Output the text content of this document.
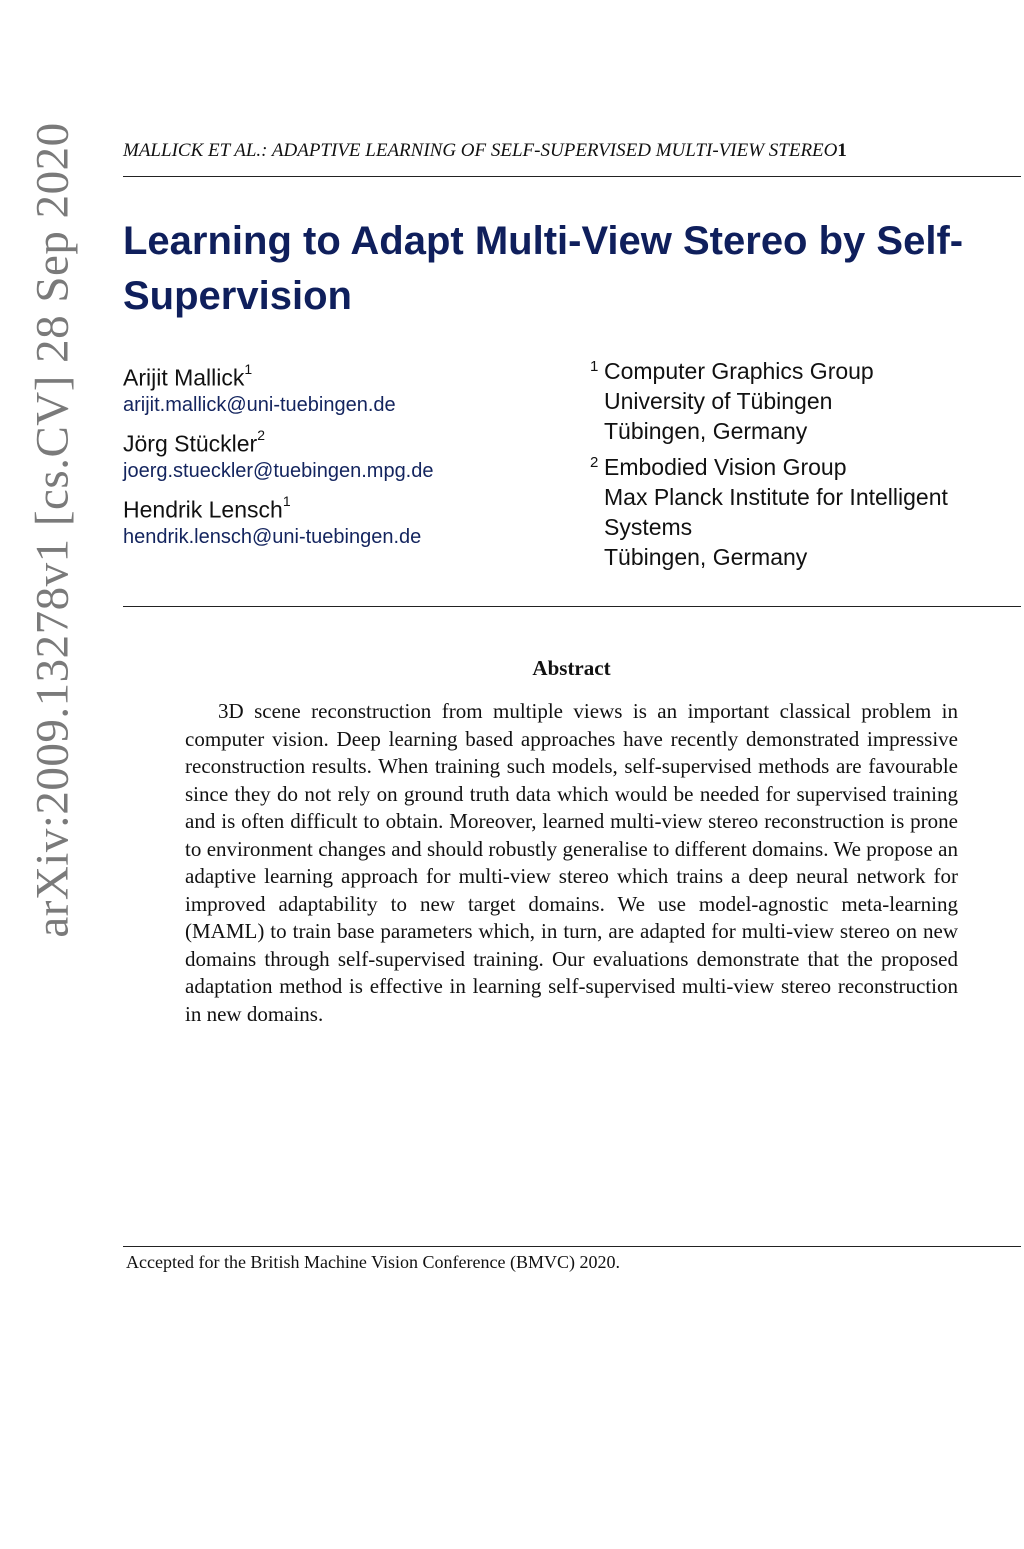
arXiv:2009.13278v1 [cs.CV] 28 Sep 2020 MALLICK ET AL.: ADAPTIVE LEARNING OF SELF-SUPERVISED MULTI-VIEW STEREO1
Learning to Adapt Multi-View Stereo by Self-Supervision
Arijit Mallick$^1$
arijit.mallick@uni-tuebingen.de
Jörg Stückler$^2$
joerg.stueckler@tuebingen.mpg.de
Hendrik Lensch$^1$
hendrik.lensch@uni-tuebingen.de
1 Computer Graphics Group
University of Tübingen
Tübingen, Germany
2 Embodied Vision Group
Max Planck Institute for Intelligent
Systems
Tübingen, Germany
Abstract

3D scene reconstruction from multiple views is an important classical problem in computer vision. Deep learning based approaches have recently demonstrated impressive reconstruction results. When training such models, self-supervised methods are favourable since they do not rely on ground truth data which would be needed for supervised training and is often difficult to obtain. Moreover, learned multi-view stereo reconstruction is prone to environment changes and should robustly generalise to different domains. We propose an adaptive learning approach for multi-view stereo which trains a deep neural network for improved adaptability to new target domains. We use model-agnostic meta-learning (MAML) to train base parameters which, in turn, are adapted for multi-view stereo on new domains through self-supervised training. Our evaluations demonstrate that the proposed adaptation method is effective in learning self-supervised multi-view stereo reconstruction in new domains.

Accepted for the British Machine Vision Conference (BMVC) 2020.
